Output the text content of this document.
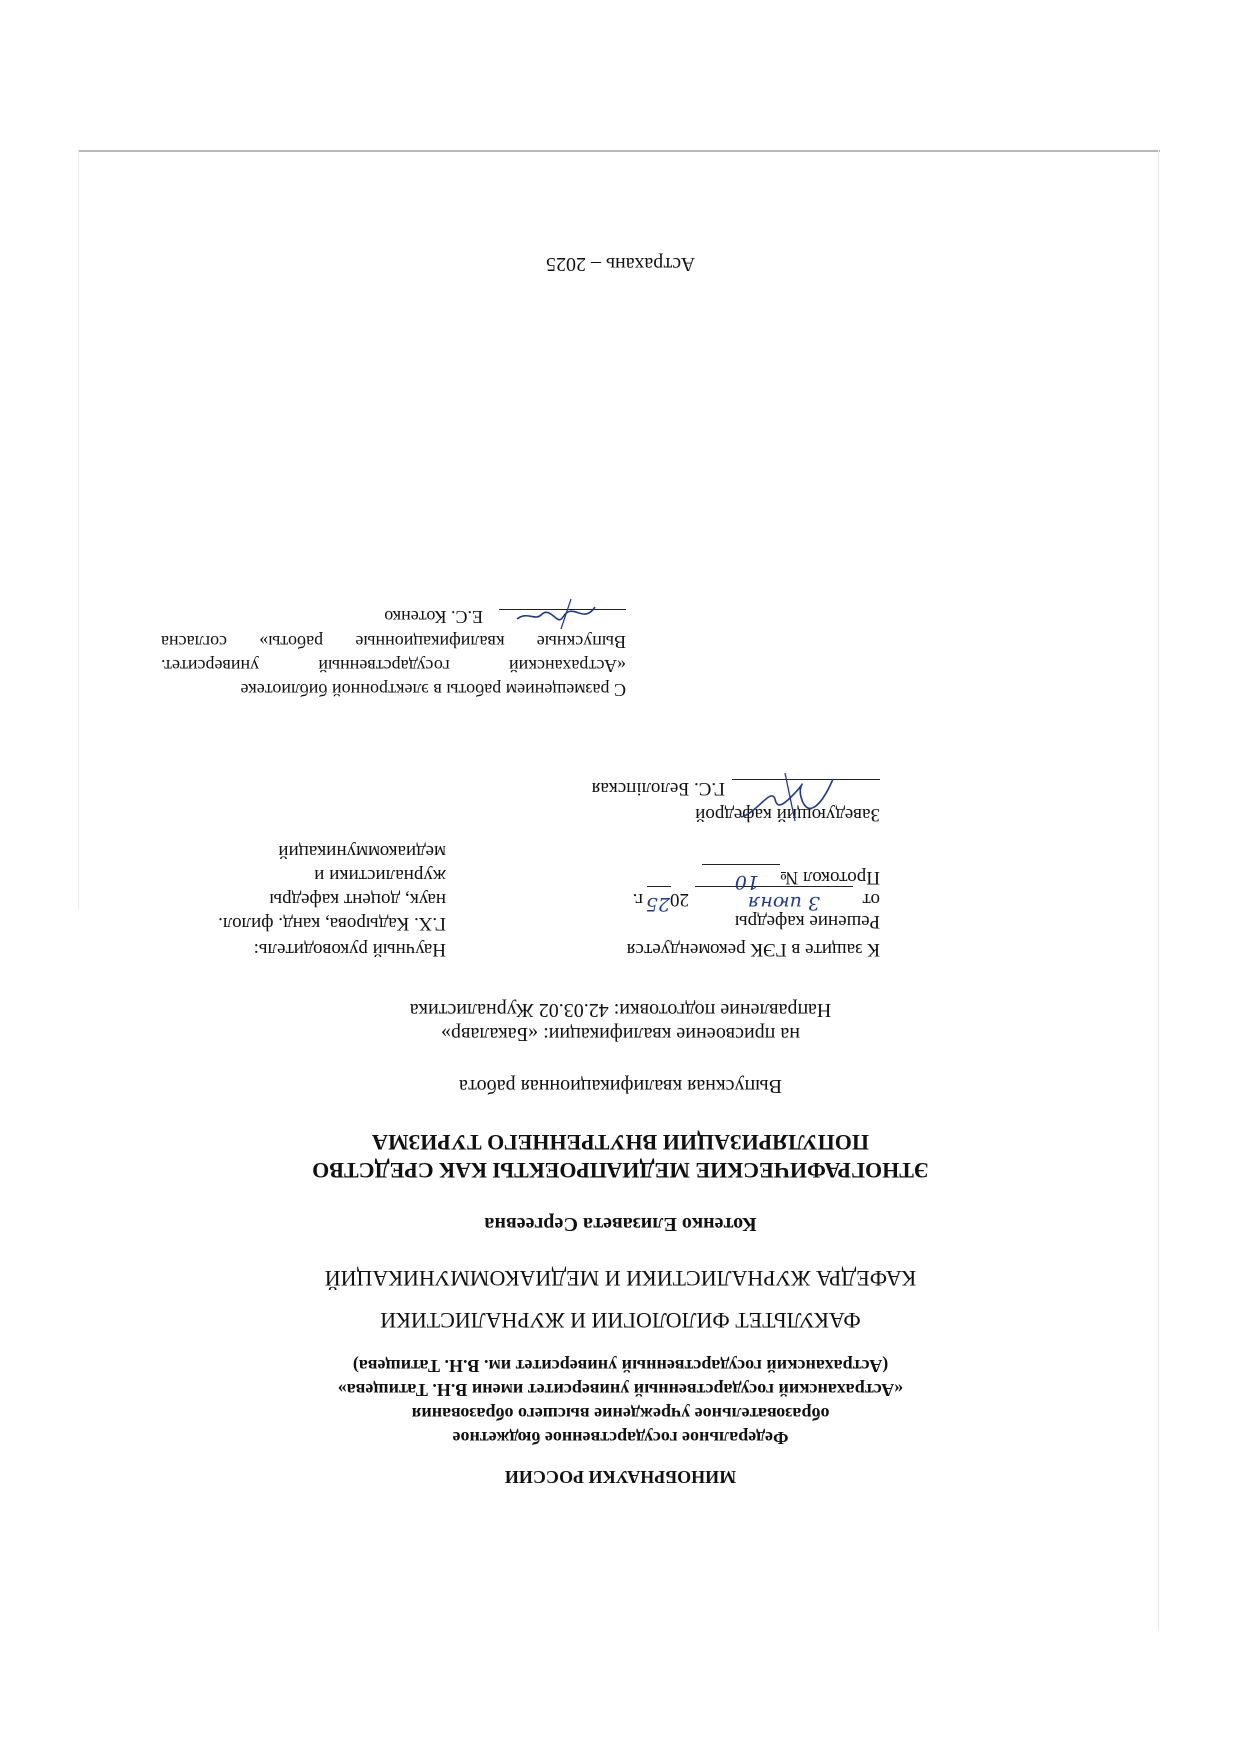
МИНОБРНАУКИ РОССИИ
Федеральное государственное бюджетное
образовательное учреждение высшего образования
«Астраханский государственный университет имени В.Н. Татищева»
(Астраханский государственный университет им. В.Н. Татищева)
ФАКУЛЬТЕТ ФИЛОЛОГИИ И ЖУРНАЛИСТИКИ
КАФЕДРА ЖУРНАЛИСТИКИ И МЕДИАКОММУНИКАЦИЙ
Котенко Елизавета Сергеевна
ЭТНОГРАФИЧЕСКИЕ МЕДИАПРОЕКТЫ КАК СРЕДСТВО
ПОПУЛЯРИЗАЦИИ ВНУТРЕННЕГО ТУРИЗМА
Выпускная квалификационная работа
на присвоение квалификации: «Бакалавр»
Направление подготовки: 42.03.02 Журналистика
К защите в ГЭК рекомендуется
Решение кафедры
от
3 июня
20
25
г.
Протокол №
10
Заведующий кафедрой
Г.С. Белоліпская
Научный руководитель:
Г.Х. Кадырова, канд. филол.
наук, доцент кафедры
журналистики и
медиакоммуникаций
С размещением работы в электронной библиотеке
«Астраханский государственный университет.
Выпускные квалификационные работы» согласна
Е.С. Котенко
Астрахань – 2025
